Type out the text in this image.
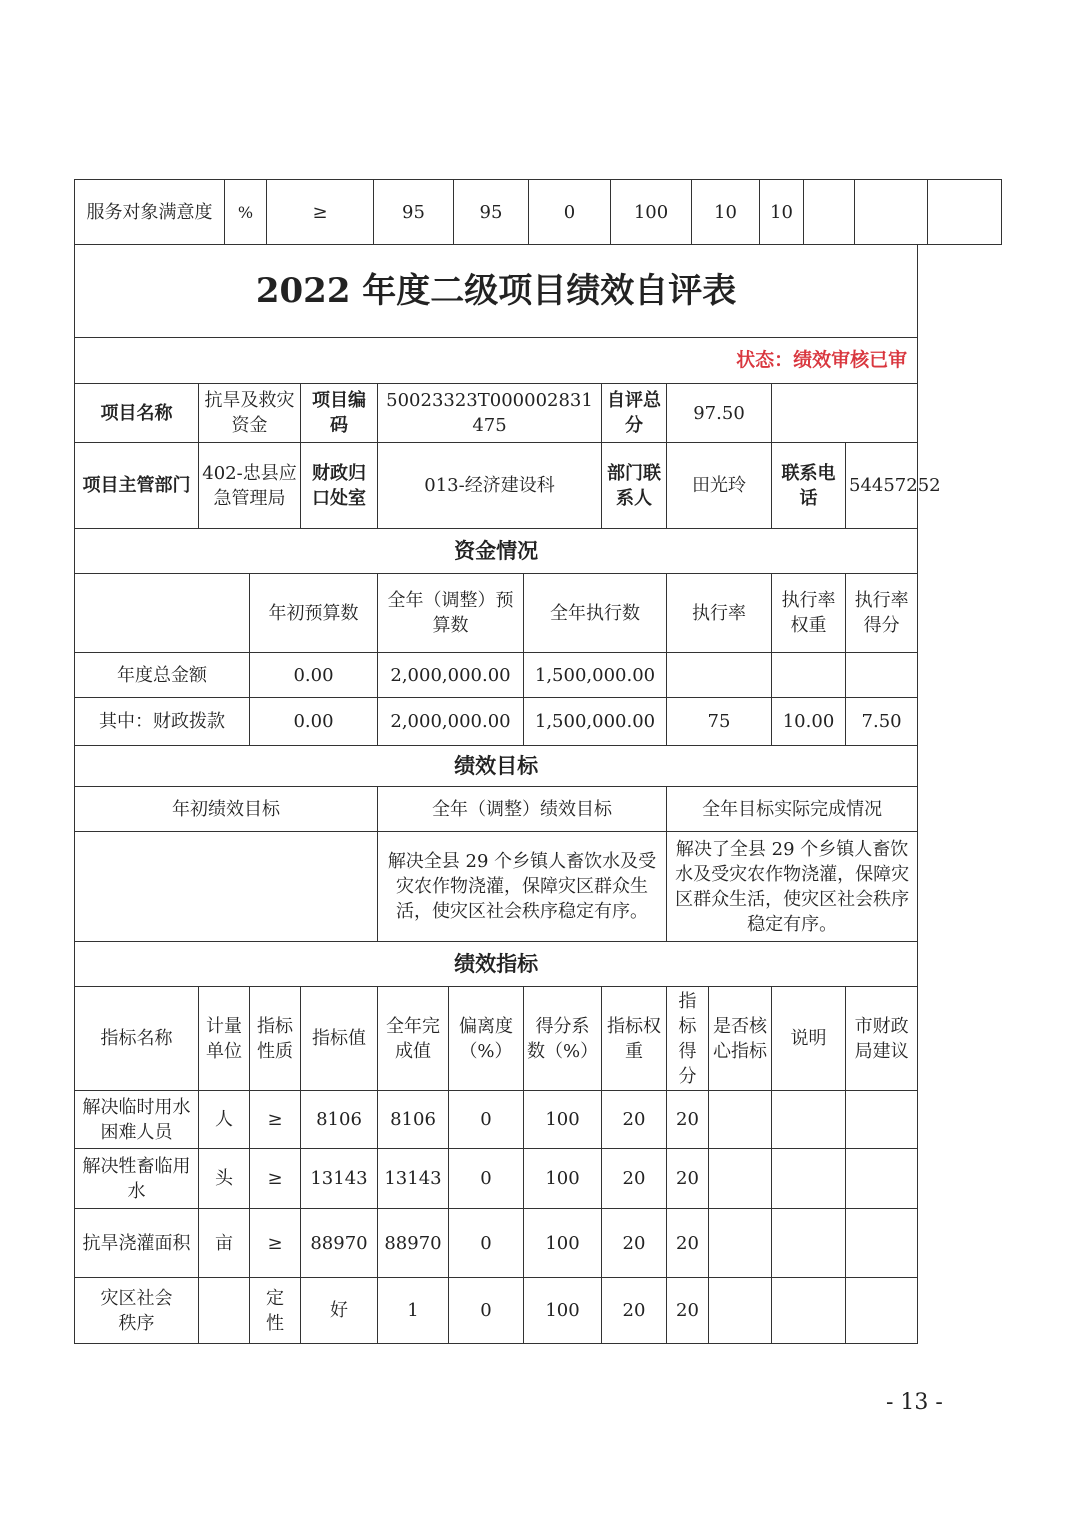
服务对象满意度	%	≥	95	95	0	100	10	10			
2022 年度二级项目绩效自评表											
状态：绩效审核已审											
项目名称	抗旱及救灾资金		项目编码	50023323T000002831475			自评总分	97.50			
项目主管部门	402-忠县应急管理局		财政归口处室	013-经济建设科			部门联系人	田光玲		联系电话	54457252
资金情况											
		年初预算数		全年（调整）预算数		全年执行数		执行率		执行率权重	执行率得分
年度总金额		0.00		2,000,000.00		1,500,000.00					
其中：财政拨款		0.00		2,000,000.00		1,500,000.00		75		10.00	7.50
绩效目标											
年初绩效目标				全年（调整）绩效目标				全年目标实际完成情况			
				解决全县 29 个乡镇人畜饮水及受灾农作物浇灌，保障灾区群众生活，使灾区社会秩序稳定有序。				解决了全县 29 个乡镇人畜饮水及受灾农作物浇灌，保障灾区群众生活，使灾区社会秩序稳定有序。			
绩效指标											
指标名称	计量单位	指标性质	指标值	全年完成值	偏离度（%）	得分系数（%）	指标权重	指标得分	是否核心指标	说明	市财政局建议
解决临时用水困难人员	人	≥	8106	8106	0	100	20	20			
解决牲畜临用水	头	≥	13143	13143	0	100	20	20			
抗旱浇灌面积	亩	≥	88970	88970	0	100	20	20			
灾区社会秩序		定性	好	1	0	100	20	20			
- 13 -
